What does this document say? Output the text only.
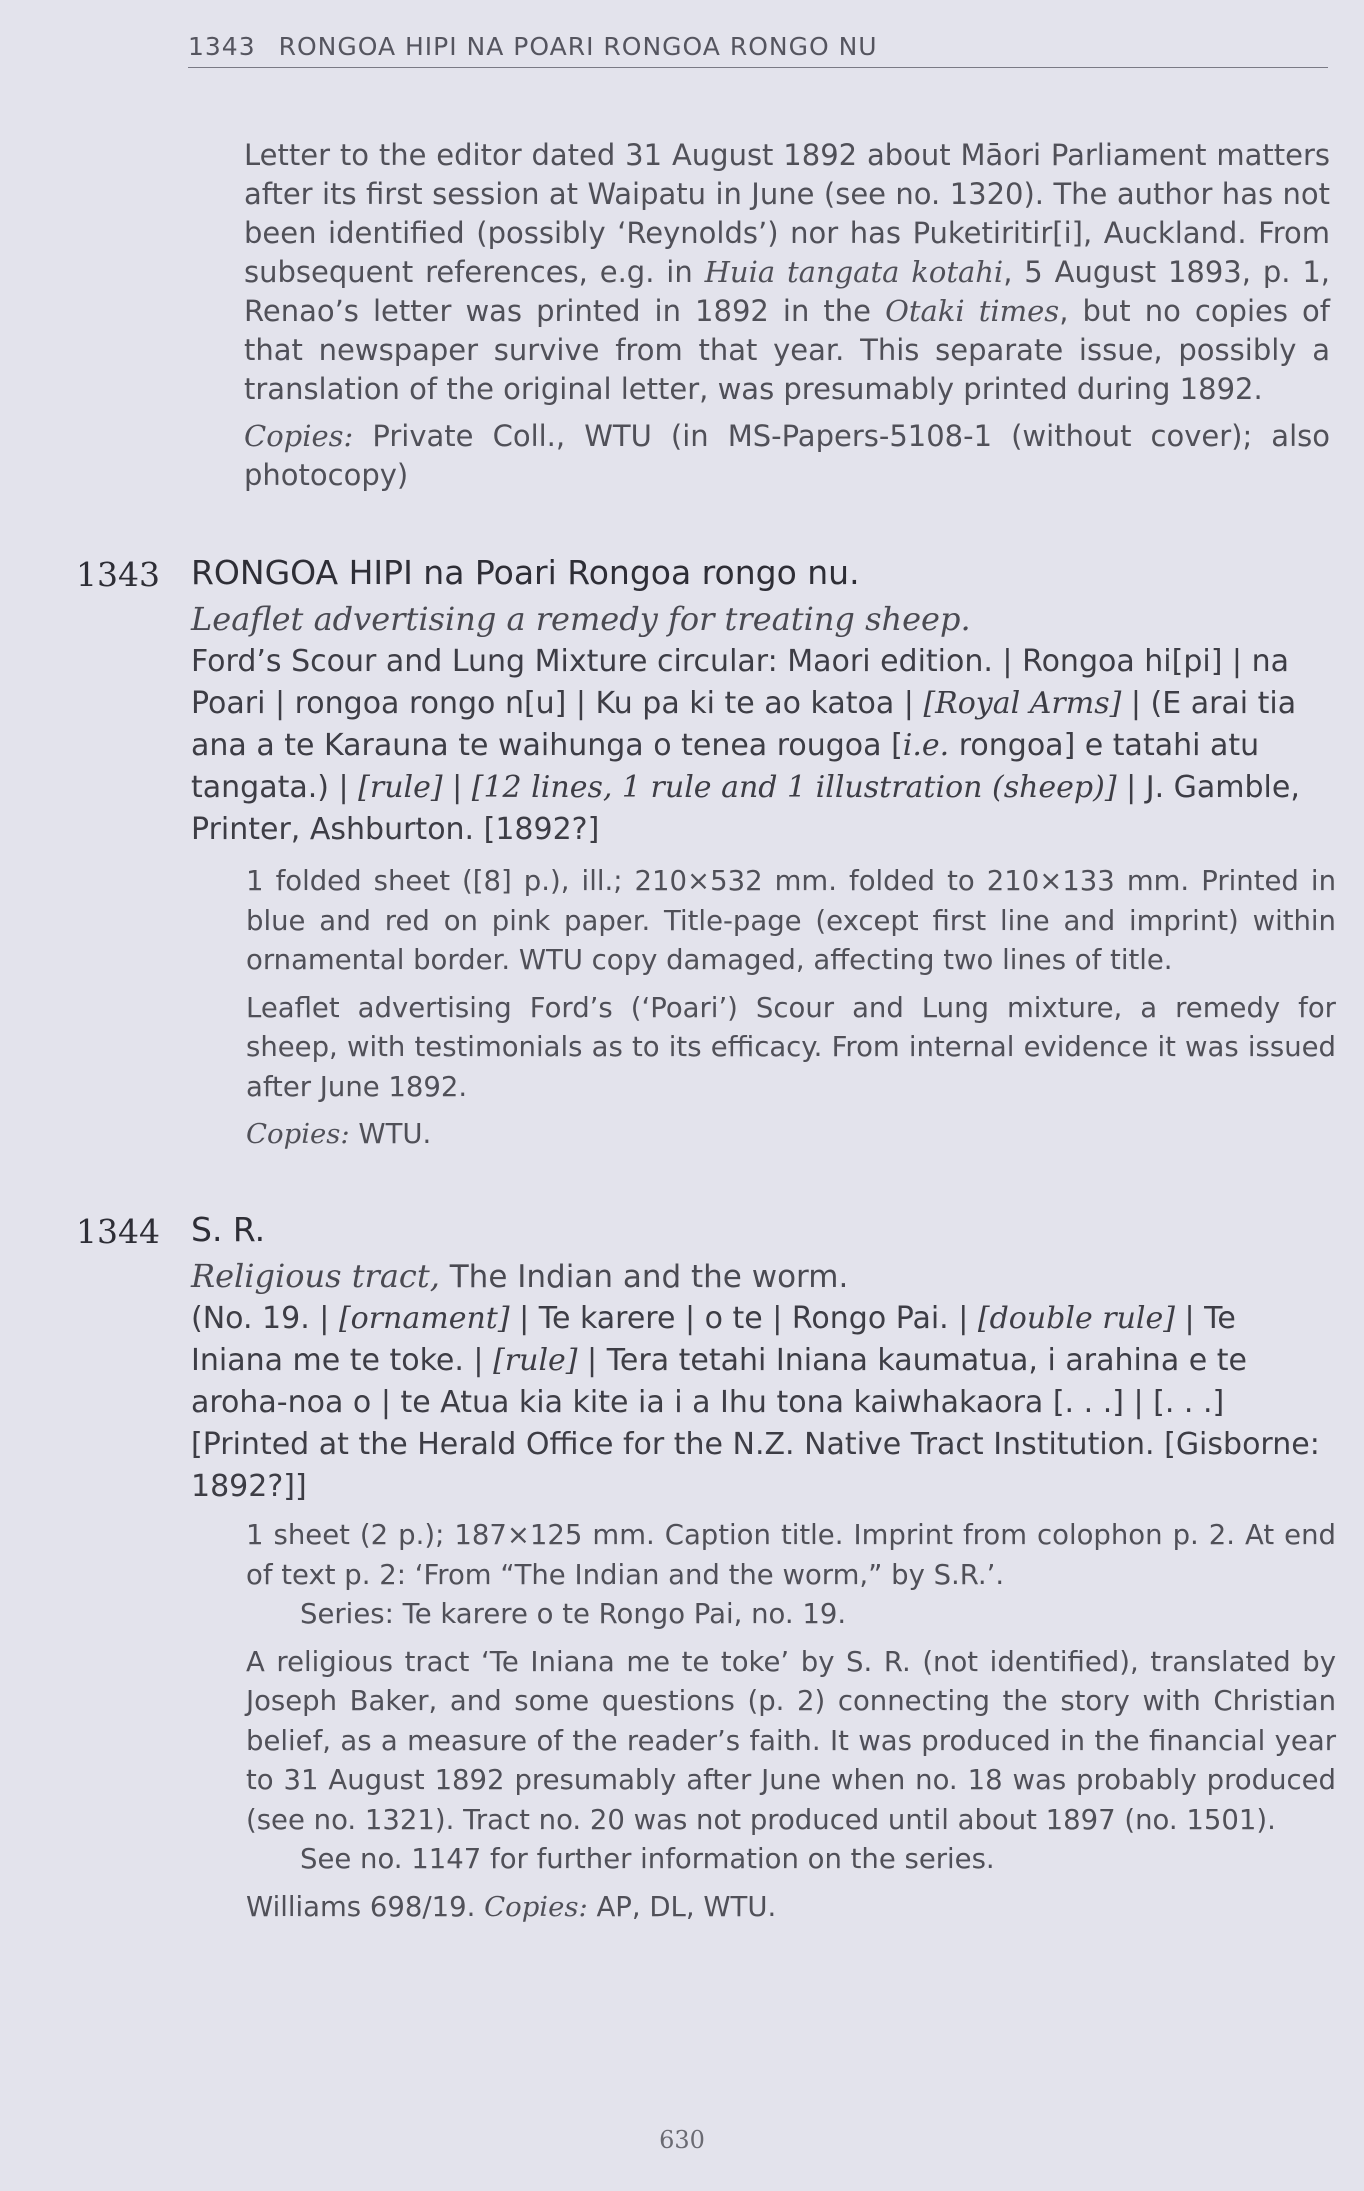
1343 RONGOA HIPI NA POARI RONGOA RONGO NU

Letter to the editor dated 31 August 1892 about Māori Parliament matters after its first session at Waipatu in June (see no. 1320). The author has not been identified (possibly ‘Reynolds’) nor has Puketiritir[i], Auckland. From subsequent references, e.g. in Huia tangata kotahi, 5 August 1893, p. 1, Renao’s letter was printed in 1892 in the Otaki times, but no copies of that newspaper survive from that year. This separate issue, possibly a translation of the original letter, was presumably printed during 1892.

Copies: Private Coll., WTU (in MS-Papers-5108-1 (without cover); also photocopy)

1343 RONGOA HIPI na Poari Rongoa rongo nu.

Leaflet advertising a remedy for treating sheep.

Ford’s Scour and Lung Mixture circular: Maori edition. | Rongoa hi[pi] | na Poari | rongoa rongo n[u] | Ku pa ki te ao katoa | [Royal Arms] | (E arai tia ana a te Karauna te waihunga o tenea rougoa [i.e. rongoa] e tatahi atu tangata.) | [rule] | [12 lines, 1 rule and 1 illustration (sheep)] | J. Gamble, Printer, Ashburton. [1892?]

1 folded sheet ([8] p.), ill.; 210×532 mm. folded to 210×133 mm. Printed in blue and red on pink paper. Title-page (except first line and imprint) within ornamental border. WTU copy damaged, affecting two lines of title.

Leaflet advertising Ford’s (‘Poari’) Scour and Lung mixture, a remedy for sheep, with testimonials as to its efficacy. From internal evidence it was issued after June 1892.

Copies: WTU.

1344 S. R.

Religious tract, The Indian and the worm.

(No. 19. | [ornament] | Te karere | o te | Rongo Pai. | [double rule] | Te Iniana me te toke. | [rule] | Tera tetahi Iniana kaumatua, i arahina e te aroha-noa o | te Atua kia kite ia i a Ihu tona kaiwhakaora [. . .] | [. . .] [Printed at the Herald Office for the N.Z. Native Tract Institution. [Gisborne: 1892?]]

1 sheet (2 p.); 187×125 mm. Caption title. Imprint from colophon p. 2. At end of text p. 2: ‘From “The Indian and the worm,” by S.R.’.

Series: Te karere o te Rongo Pai, no. 19.

A religious tract ‘Te Iniana me te toke’ by S. R. (not identified), translated by Joseph Baker, and some questions (p. 2) connecting the story with Christian belief, as a measure of the reader’s faith. It was produced in the financial year to 31 August 1892 presumably after June when no. 18 was probably produced (see no. 1321). Tract no. 20 was not produced until about 1897 (no. 1501).

See no. 1147 for further information on the series.

Williams 698/19. Copies: AP, DL, WTU.

630
